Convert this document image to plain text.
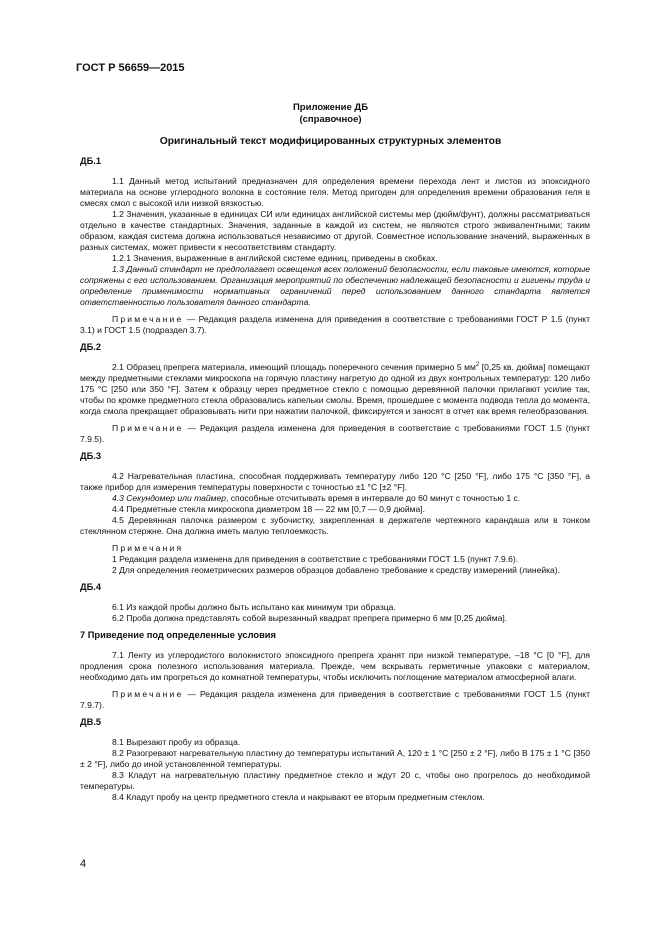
ГОСТ Р 56659—2015
Приложение ДБ
(справочное)
Оригинальный текст модифицированных структурных элементов
ДБ.1

1.1 Данный метод испытаний предназначен для определения времени перехода лент и листов из эпоксидного материала на основе углеродного волокна в состояние геля. Метод пригоден для определения времени образования геля в смесях смол с высокой или низкой вязкостью.

1.2 Значения, указанные в единицах СИ или единицах английской системы мер (дюйм/фунт), должны рассматриваться отдельно в качестве стандартных. Значения, заданные в каждой из систем, не являются строго эквивалентными; таким образом, каждая система должна использоваться независимо от другой. Совместное использование значений, выраженных в разных системах, может привести к несоответствиям стандарту.

1.2.1 Значения, выраженные в английской системе единиц, приведены в скобках.

1.3 Данный стандарт не предполагает освещения всех положений безопасности, если таковые имеются, которые сопряжены с его использованием. Организация мероприятий по обеспечению надлежащей безопасности и гигиены труда и определение применимости нормативных ограничений перед использованием данного стандарта является ответственностью пользователя данного стандарта.

Примечание — Редакция раздела изменена для приведения в соответствие с требованиями ГОСТ Р 1.5 (пункт 3.1) и ГОСТ 1.5 (подраздел 3.7).

ДБ.2

2.1 Образец препрега материала, имеющий площадь поперечного сечения примерно 5 $мм^2$ [0,25 кв. дюйма] помещают между предметными стеклами микроскопа на горячую пластину нагретую до одной из двух контрольных температур: 120 либо 175 °С [250 или 350 °F]. Затем к образцу через предметное стекло с помощью деревянной палочки прилагают усилие так, чтобы по кромке предметного стекла образовались капельки смолы. Время, прошедшее с момента подвода тепла до момента, когда смола прекращает образовывать нити при нажатии палочкой, фиксируется и заносят в отчет как время гелеобразования.

Примечание — Редакция раздела изменена для приведения в соответствие с требованиями ГОСТ 1.5 (пункт 7.9.5).

ДБ.3

4.2 Нагревательная пластина, способная поддерживать температуру либо 120 °С [250 °F], либо 175 °С [350 °F], а также прибор для измерения температуры поверхности с точностью ±1 °С [±2 °F].

4.3 Секундомер или таймер, способные отсчитывать время в интервале до 60 минут с точностью 1 с.

4.4 Предметные стекла микроскопа диаметром 18 — 22 мм [0,7 — 0,9 дюйма].

4.5 Деревянная палочка размером с зубочистку, закрепленная в держателе чертежного карандаша или в тонком стеклянном стержне. Она должна иметь малую теплоемкость.

Примечания

1 Редакция раздела изменена для приведения в соответствие с требованиями ГОСТ 1.5 (пункт 7.9.6).

2 Для определения геометрических размеров образцов добавлено требование к средству измерений (линейка).

ДБ.4

6.1 Из каждой пробы должно быть испытано как минимум три образца.

6.2 Проба должна представлять собой вырезанный квадрат препрега примерно 6 мм [0,25 дюйма].

7 Приведение под определенные условия

7.1 Ленту из углеродистого волокнистого эпоксидного препрега хранят при низкой температуре, –18 °С [0 °F], для продления срока полезного использования материала. Прежде, чем вскрывать герметичные упаковки с материалом, необходимо дать им прогреться до комнатной температуры, чтобы исключить поглощение материалом атмосферной влаги.

Примечание — Редакция раздела изменена для приведения в соответствие с требованиями ГОСТ 1.5 (пункт 7.9.7).

ДВ.5

8.1 Вырезают пробу из образца.

8.2 Разогревают нагревательную пластину до температуры испытаний А, 120 ± 1 °С [250 ± 2 °F], либо В 175 ± 1 °С [350 ± 2 °F], либо до иной установленной температуры.

8.3 Кладут на нагревательную пластину предметное стекло и ждут 20 с, чтобы оно прогрелось до необходимой температуры.

8.4 Кладут пробу на центр предметного стекла и накрывают ее вторым предметным стеклом.

4
